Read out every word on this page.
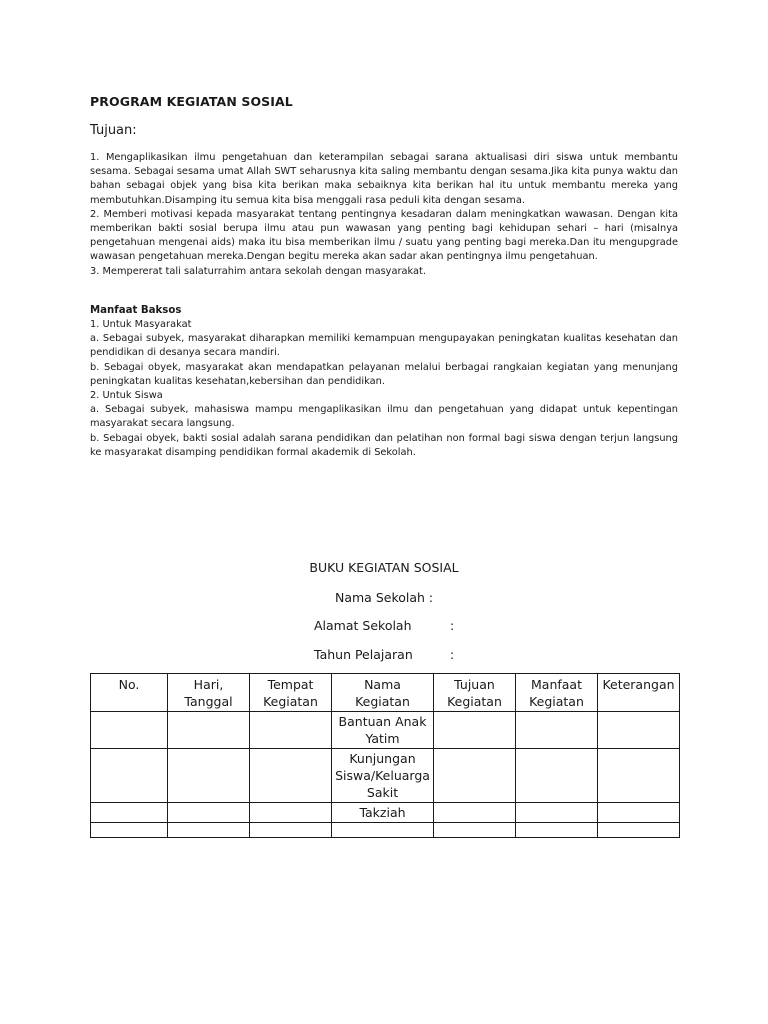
PROGRAM KEGIATAN SOSIAL
Tujuan:

1. Mengaplikasikan ilmu pengetahuan dan keterampilan sebagai sarana aktualisasi diri siswa untuk membantu sesama. Sebagai sesama umat Allah SWT seharusnya kita saling membantu dengan sesama.Jika kita punya waktu dan bahan sebagai objek yang bisa kita berikan maka sebaiknya kita berikan hal itu untuk membantu mereka yang membutuhkan.Disamping itu semua kita bisa menggali rasa peduli kita dengan sesama.

2. Memberi motivasi kepada masyarakat tentang pentingnya kesadaran dalam meningkatkan wawasan. Dengan kita memberikan bakti sosial berupa ilmu atau pun wawasan yang penting bagi kehidupan sehari – hari (misalnya pengetahuan mengenai aids) maka itu bisa memberikan ilmu / suatu yang penting bagi mereka.Dan itu mengupgrade wawasan pengetahuan mereka.Dengan begitu mereka akan sadar akan pentingnya ilmu pengetahuan.

3. Mempererat tali salaturrahim antara sekolah dengan masyarakat.

Manfaat Baksos

1. Untuk Masyarakat

a. Sebagai subyek, masyarakat diharapkan memiliki kemampuan mengupayakan peningkatan kualitas kesehatan dan pendidikan di desanya secara mandiri.

b. Sebagai obyek, masyarakat akan mendapatkan pelayanan melalui berbagai rangkaian kegiatan yang menunjang peningkatan kualitas kesehatan,kebersihan dan pendidikan.

2. Untuk Siswa

a. Sebagai subyek, mahasiswa mampu mengaplikasikan ilmu dan pengetahuan yang didapat untuk kepentingan masyarakat secara langsung.

b. Sebagai obyek, bakti sosial adalah sarana pendidikan dan pelatihan non formal bagi siswa dengan terjun langsung ke masyarakat disamping pendidikan formal akademik di Sekolah.

BUKU KEGIATAN SOSIAL
Nama Sekolah :
Alamat Sekolah	:
Tahun Pelajaran	:
No.	Hari, Tanggal	Tempat Kegiatan	Nama Kegiatan	Tujuan Kegiatan	Manfaat Kegiatan	Keterangan
			Bantuan Anak Yatim			
			Kunjungan Siswa/Keluarga Sakit			
			Takziah			
